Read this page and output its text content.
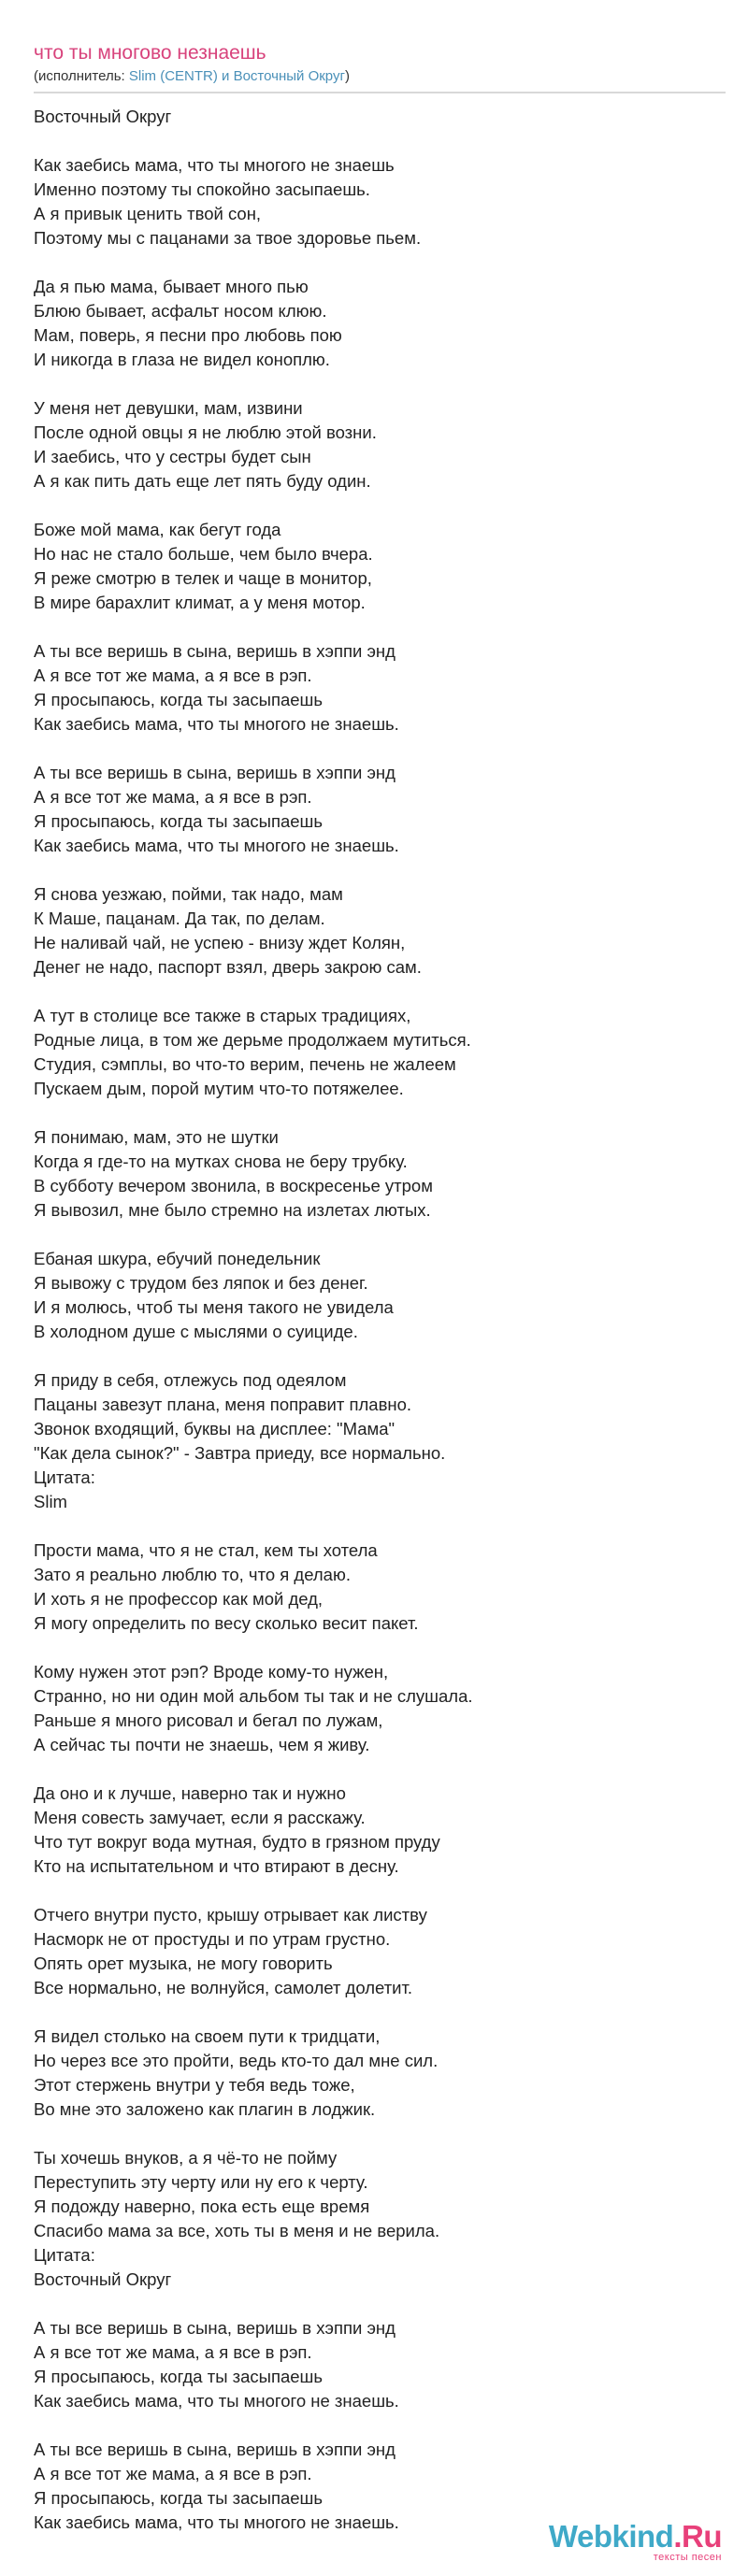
что ты многово незнаешь
(исполнитель: Slim (CENTR) и Восточный Округ)
Восточный Округ
Как заебись мама, что ты многого не знаешь
Именно поэтому ты спокойно засыпаешь.
А я привык ценить твой сон,
Поэтому мы с пацанами за твое здоровье пьем.
Да я пью мама, бывает много пью
Блюю бывает, асфальт носом клюю.
Мам, поверь, я песни про любовь пою
И никогда в глаза не видел коноплю.
У меня нет девушки, мам, извини
После одной овцы я не люблю этой возни.
И заебись, что у сестры будет сын
А я как пить дать еще лет пять буду один.
Боже мой мама, как бегут года
Но нас не стало больше, чем было вчера.
Я реже смотрю в телек и чаще в монитор,
В мире барахлит климат, а у меня мотор.
А ты все веришь в сына, веришь в хэппи энд
А я все тот же мама, а я все в рэп.
Я просыпаюсь, когда ты засыпаешь
Как заебись мама, что ты многого не знаешь.
А ты все веришь в сына, веришь в хэппи энд
А я все тот же мама, а я все в рэп.
Я просыпаюсь, когда ты засыпаешь
Как заебись мама, что ты многого не знаешь.
Я снова уезжаю, пойми, так надо, мам
К Маше, пацанам. Да так, по делам.
Не наливай чай, не успею - внизу ждет Колян,
Денег не надо, паспорт взял, дверь закрою сам.
А тут в столице все также в старых традициях,
Родные лица, в том же дерьме продолжаем мутиться.
Студия, сэмплы, во что-то верим, печень не жалеем
Пускаем дым, порой мутим что-то потяжелее.
Я понимаю, мам, это не шутки
Когда я где-то на мутках снова не беру трубку.
В субботу вечером звонила, в воскресенье утром
Я вывозил, мне было стремно на излетах лютых.
Ебаная шкура, ебучий понедельник
Я вывожу с трудом без ляпок и без денег.
И я молюсь, чтоб ты меня такого не увидела
В холодном душе с мыслями о суициде.
Я приду в себя, отлежусь под одеялом
Пацаны завезут плана, меня поправит плавно.
Звонок входящий, буквы на дисплее: "Мама"
"Как дела сынок?" - Завтра приеду, все нормально.
Цитата:
Slim
Прости мама, что я не стал, кем ты хотела
Зато я реально люблю то, что я делаю.
И хоть я не профессор как мой дед,
Я могу определить по весу сколько весит пакет.
Кому нужен этот рэп? Вроде кому-то нужен,
Странно, но ни один мой альбом ты так и не слушала.
Раньше я много рисовал и бегал по лужам,
А сейчас ты почти не знаешь, чем я живу.
Да оно и к лучше, наверно так и нужно
Меня совесть замучает, если я расскажу.
Что тут вокруг вода мутная, будто в грязном пруду
Кто на испытательном и что втирают в десну.
Отчего внутри пусто, крышу отрывает как листву
Насморк не от простуды и по утрам грустно.
Опять орет музыка, не могу говорить
Все нормально, не волнуйся, самолет долетит.
Я видел столько на своем пути к тридцати,
Но через все это пройти, ведь кто-то дал мне сил.
Этот стержень внутри у тебя ведь тоже,
Во мне это заложено как плагин в лоджик.
Ты хочешь внуков, а я чё-то не пойму
Переступить эту черту или ну его к черту.
Я подожду наверно, пока есть еще время
Спасибо мама за все, хоть ты в меня и не верила.
Цитата:
Восточный Округ
А ты все веришь в сына, веришь в хэппи энд
А я все тот же мама, а я все в рэп.
Я просыпаюсь, когда ты засыпаешь
Как заебись мама, что ты многого не знаешь.
А ты все веришь в сына, веришь в хэппи энд
А я все тот же мама, а я все в рэп.
Я просыпаюсь, когда ты засыпаешь
Как заебись мама, что ты многого не знаешь.	Webkind.Ru
тексты песен
